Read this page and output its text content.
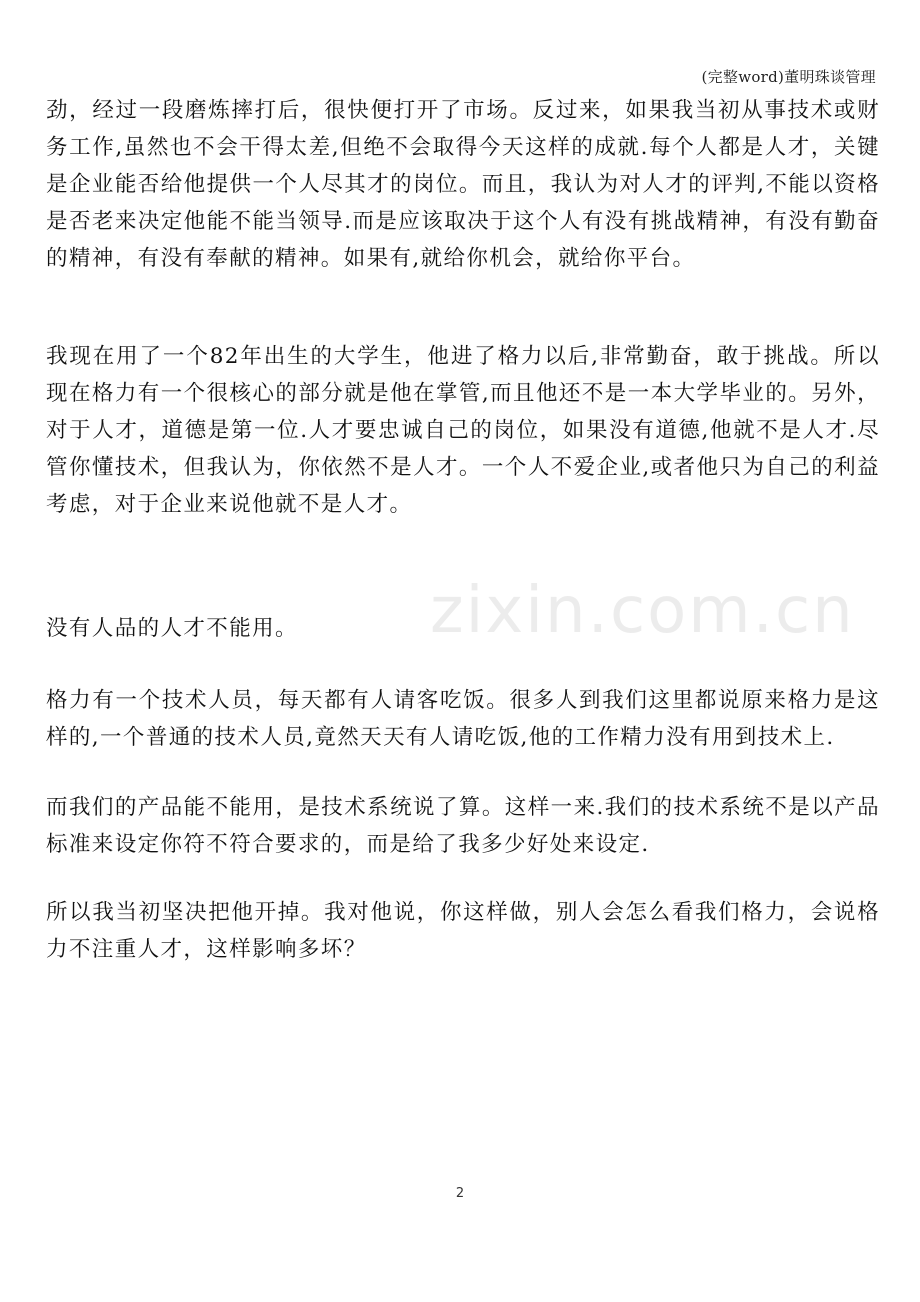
(完整word)董明珠谈管理

劲，经过一段磨炼摔打后，很快便打开了市场。反过来，如果我当初从事技术或财务工作,虽然也不会干得太差,但绝不会取得今天这样的成就.每个人都是人才，关键是企业能否给他提供一个人尽其才的岗位。而且，我认为对人才的评判,不能以资格是否老来决定他能不能当领导.而是应该取决于这个人有没有挑战精神，有没有勤奋的精神，有没有奉献的精神。如果有,就给你机会，就给你平台。

我现在用了一个82年出生的大学生，他进了格力以后,非常勤奋，敢于挑战。所以现在格力有一个很核心的部分就是他在掌管,而且他还不是一本大学毕业的。另外，对于人才，道德是第一位.人才要忠诚自己的岗位，如果没有道德,他就不是人才.尽管你懂技术，但我认为，你依然不是人才。一个人不爱企业,或者他只为自己的利益考虑，对于企业来说他就不是人才。

没有人品的人才不能用。

格力有一个技术人员，每天都有人请客吃饭。很多人到我们这里都说原来格力是这样的,一个普通的技术人员,竟然天天有人请吃饭,他的工作精力没有用到技术上.

而我们的产品能不能用，是技术系统说了算。这样一来.我们的技术系统不是以产品标准来设定你符不符合要求的，而是给了我多少好处来设定.

所以我当初坚决把他开掉。我对他说，你这样做，别人会怎么看我们格力，会说格力不注重人才，这样影响多坏？

zixin.com.cn
2
